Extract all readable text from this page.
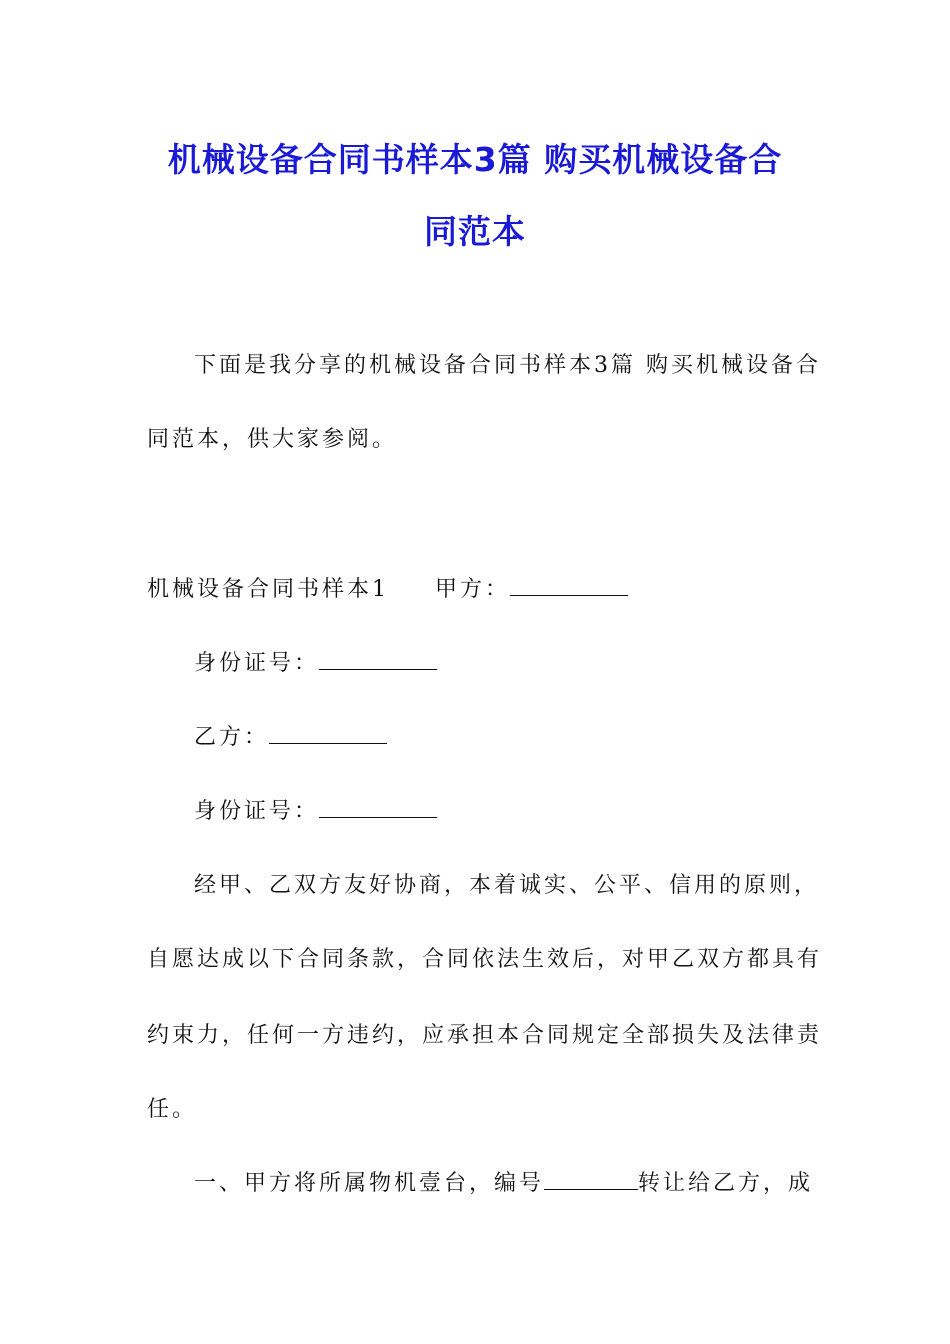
机械设备合同书样本3篇 购买机械设备合
同范本
下面是我分享的机械设备合同书样本3篇 购买机械设备合
同范本，供大家参阅。
机械设备合同书样本1 甲方：
身份证号：
乙方：
身份证号：
经甲、乙双方友好协商，本着诚实、公平、信用的原则，
自愿达成以下合同条款，合同依法生效后，对甲乙双方都具有
约束力，任何一方违约，应承担本合同规定全部损失及法律责
任。
一、甲方将所属物机壹台，编号	转让给乙方，成
